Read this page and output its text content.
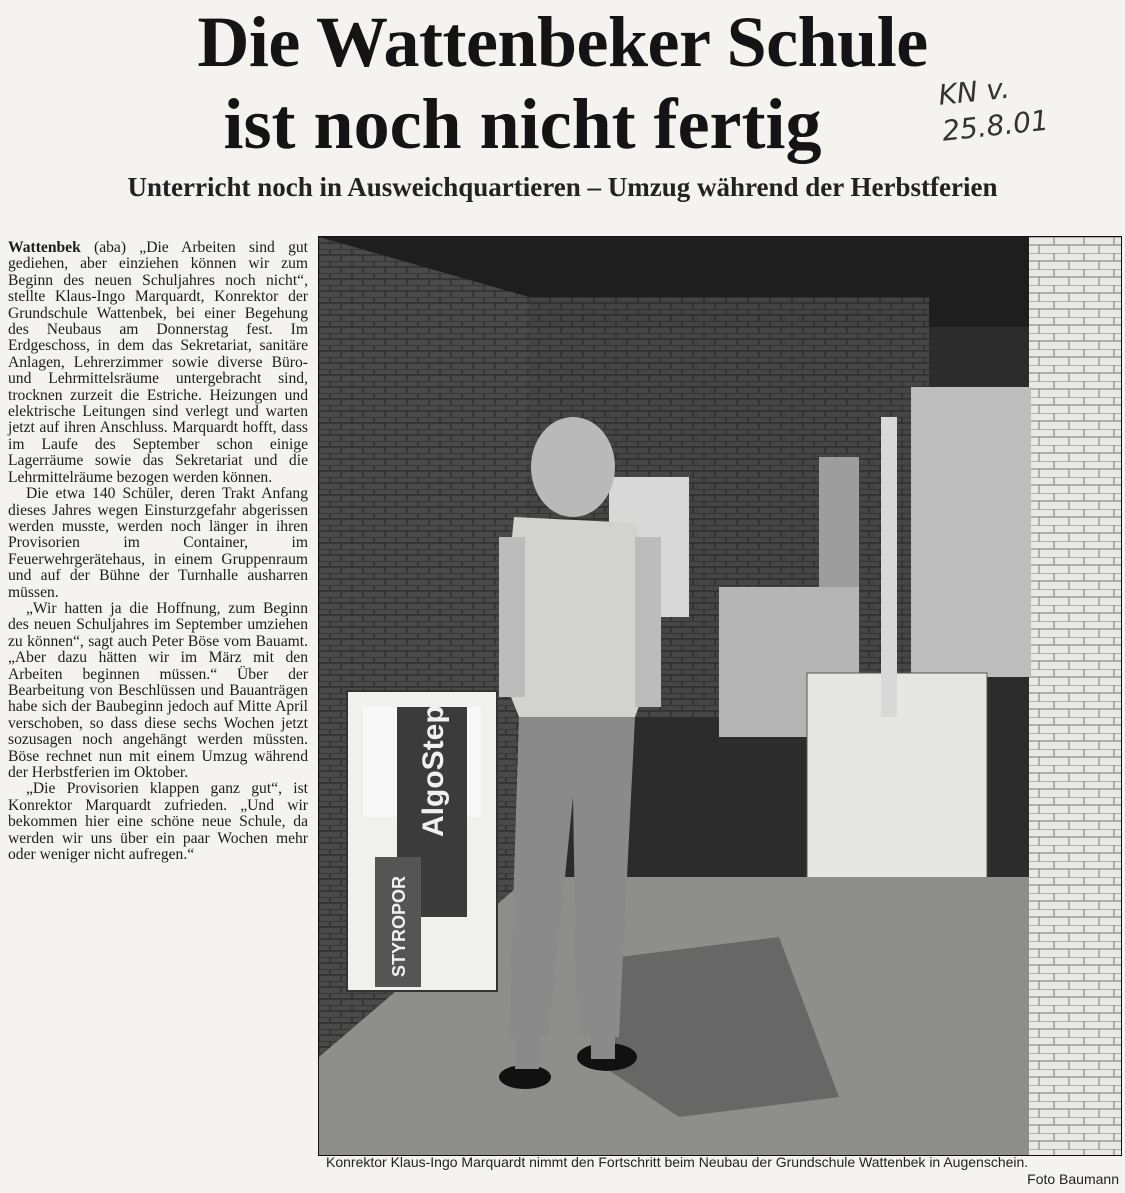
Die Wattenbeker Schule
ist noch nicht fertig	KN v.
25.8.01
Unterricht noch in Ausweichquartieren – Umzug während der Herbstferien

Wattenbek (aba) „Die Arbeiten sind gut gediehen, aber einziehen können wir zum Beginn des neuen Schuljahres noch nicht“, stellte Klaus-Ingo Marquardt, Konrektor der Grundschule Wattenbek, bei einer Begehung des Neubaus am Donnerstag fest. Im Erdgeschoss, in dem das Sekretariat, sanitäre Anlagen, Lehrerzimmer sowie diverse Büro- und Lehrmittelsräume untergebracht sind, trocknen zurzeit die Estriche. Heizungen und elektrische Leitungen sind verlegt und warten jetzt auf ihren Anschluss. Marquardt hofft, dass im Laufe des September schon einige Lagerräume sowie das Sekretariat und die Lehrmittelräume bezogen werden können.

Die etwa 140 Schüler, deren Trakt Anfang dieses Jahres wegen Einsturzgefahr abgerissen werden musste, werden noch länger in ihren Provisorien im Container, im Feuerwehrgerätehaus, in einem Gruppenraum und auf der Bühne der Turnhalle ausharren müssen.

„Wir hatten ja die Hoffnung, zum Beginn des neuen Schuljahres im September umziehen zu können“, sagt auch Peter Böse vom Bauamt. „Aber dazu hätten wir im März mit den Arbeiten beginnen müssen.“ Über der Bearbeitung von Beschlüssen und Bauanträgen habe sich der Baubeginn jedoch auf Mitte April verschoben, so dass diese sechs Wochen jetzt sozusagen noch angehängt werden müssten. Böse rechnet nun mit einem Umzug während der Herbstferien im Oktober.

„Die Provisorien klappen ganz gut“, ist Konrektor Marquardt zufrieden. „Und wir bekommen hier eine schöne neue Schule, da werden wir uns über ein paar Wochen mehr oder weniger nicht aufregen.“

AlgoStep
STYROPOR
Konrektor Klaus-Ingo Marquardt nimmt den Fortschritt beim Neubau der Grundschule Wattenbek in Augenschein.
Foto Baumann
